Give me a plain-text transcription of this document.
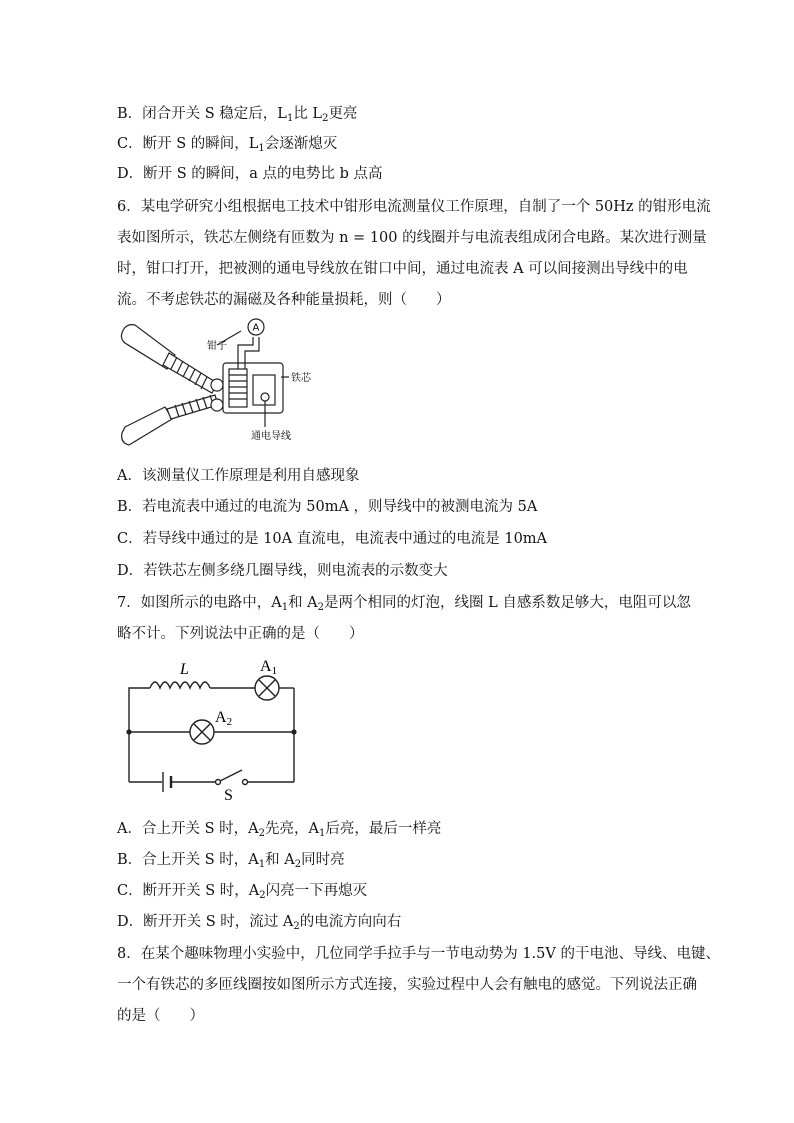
B．闭合开关 S 稳定后，$L_1$比 $L_2$更亮
C．断开 S 的瞬间，$L_1$会逐渐熄灭
D．断开 S 的瞬间，a 点的电势比 b 点高
6．某电学研究小组根据电工技术中钳形电流测量仪工作原理，自制了一个 50Hz 的钳形电流
表如图所示，铁芯左侧绕有匝数为 n = 100 的线圈并与电流表组成闭合电路。某次进行测量
时，钳口打开，把被测的通电导线放在钳口中间，通过电流表 A 可以间接测出导线中的电
流。不考虑铁芯的漏磁及各种能量损耗，则（　　）
A
钳子
铁芯
通电导线
A．该测量仪工作原理是利用自感现象
B．若电流表中通过的电流为 50mA ，则导线中的被测电流为 5A
C．若导线中通过的是 10A 直流电，电流表中通过的电流是 10mA
D．若铁芯左侧多绕几圈导线，则电流表的示数变大
7．如图所示的电路中，$A_1$和 $A_2$是两个相同的灯泡，线圈 L 自感系数足够大，电阻可以忽
略不计。下列说法中正确的是（　　）
L	A1
A2
S
A．合上开关 S 时，$A_2$先亮，$A_1$后亮，最后一样亮
B．合上开关 S 时，$A_1$和 $A_2$同时亮
C．断开开关 S 时，$A_2$闪亮一下再熄灭
D．断开开关 S 时，流过 $A_2$的电流方向向右
8．在某个趣味物理小实验中，几位同学手拉手与一节电动势为 1.5V 的干电池、导线、电键、
一个有铁芯的多匝线圈按如图所示方式连接，实验过程中人会有触电的感觉。下列说法正确
的是（　　）
